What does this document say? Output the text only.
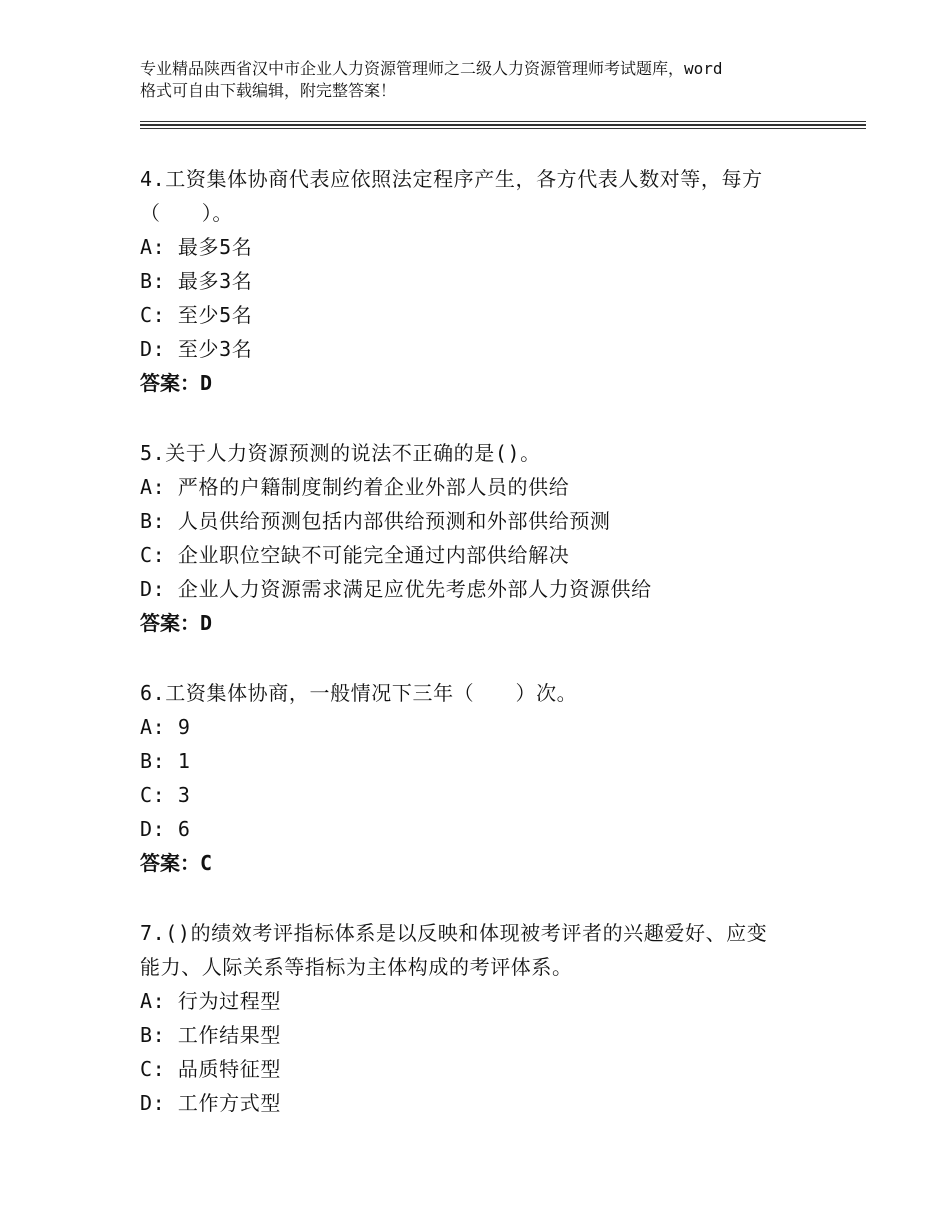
专业精品陕西省汉中市企业人力资源管理师之二级人力资源管理师考试题库，word
格式可自由下载编辑，附完整答案！
4.工资集体协商代表应依照法定程序产生，各方代表人数对等，每方
（　　）。
A: 最多5名
B: 最多3名
C: 至少5名
D: 至少3名
答案：D
5.关于人力资源预测的说法不正确的是()。
A: 严格的户籍制度制约着企业外部人员的供给
B: 人员供给预测包括内部供给预测和外部供给预测
C: 企业职位空缺不可能完全通过内部供给解决
D: 企业人力资源需求满足应优先考虑外部人力资源供给
答案：D
6.工资集体协商，一般情况下三年（　　）次。
A: 9
B: 1
C: 3
D: 6
答案：C
7.()的绩效考评指标体系是以反映和体现被考评者的兴趣爱好、应变
能力、人际关系等指标为主体构成的考评体系。
A: 行为过程型
B: 工作结果型
C: 品质特征型
D: 工作方式型
